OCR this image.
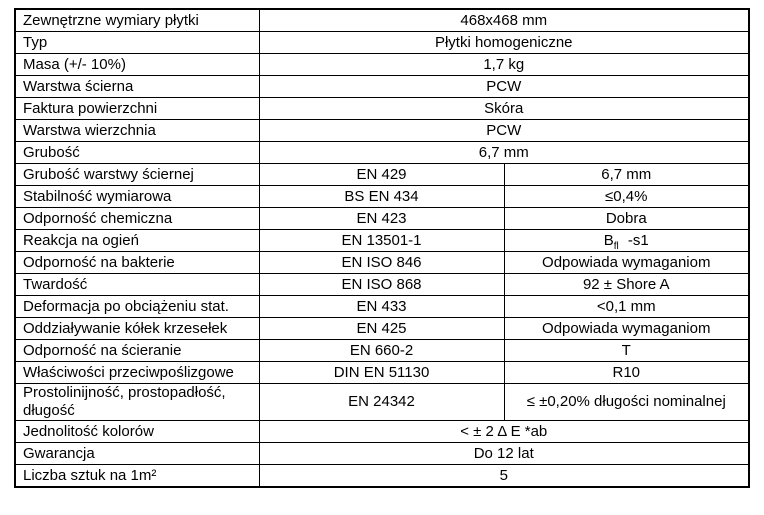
Zewnętrzne wymiary płytki	468x468 mm	
Typ	Płytki homogeniczne	
Masa (+/- 10%)	1,7 kg	
Warstwa ścierna	PCW	
Faktura powierzchni	Skóra	
Warstwa wierzchnia	PCW	
Grubość	6,7 mm	
Grubość warstwy ściernej	EN 429	6,7 mm
Stabilność wymiarowa	BS EN 434	≤0,4%
Odporność chemiczna	EN 423	Dobra
Reakcja na ogień	EN 13501-1	$B_{fl}$ -s1
Odporność na bakterie	EN ISO 846	Odpowiada wymaganiom
Twardość	EN ISO 868	92 ± Shore A
Deformacja po obciążeniu stat.	EN 433	<0,1 mm
Oddziaływanie kółek krzesełek	EN 425	Odpowiada wymaganiom
Odporność na ścieranie	EN 660-2	T
Właściwości przeciwpoślizgowe	DIN EN 51130	R10
Prostolinijność, prostopadłość, długość	EN 24342	≤ ±0,20% długości nominalnej
Jednolitość kolorów	< ± 2 Δ E *ab	
Gwarancja	Do 12 lat	
Liczba sztuk na 1m²	5	
